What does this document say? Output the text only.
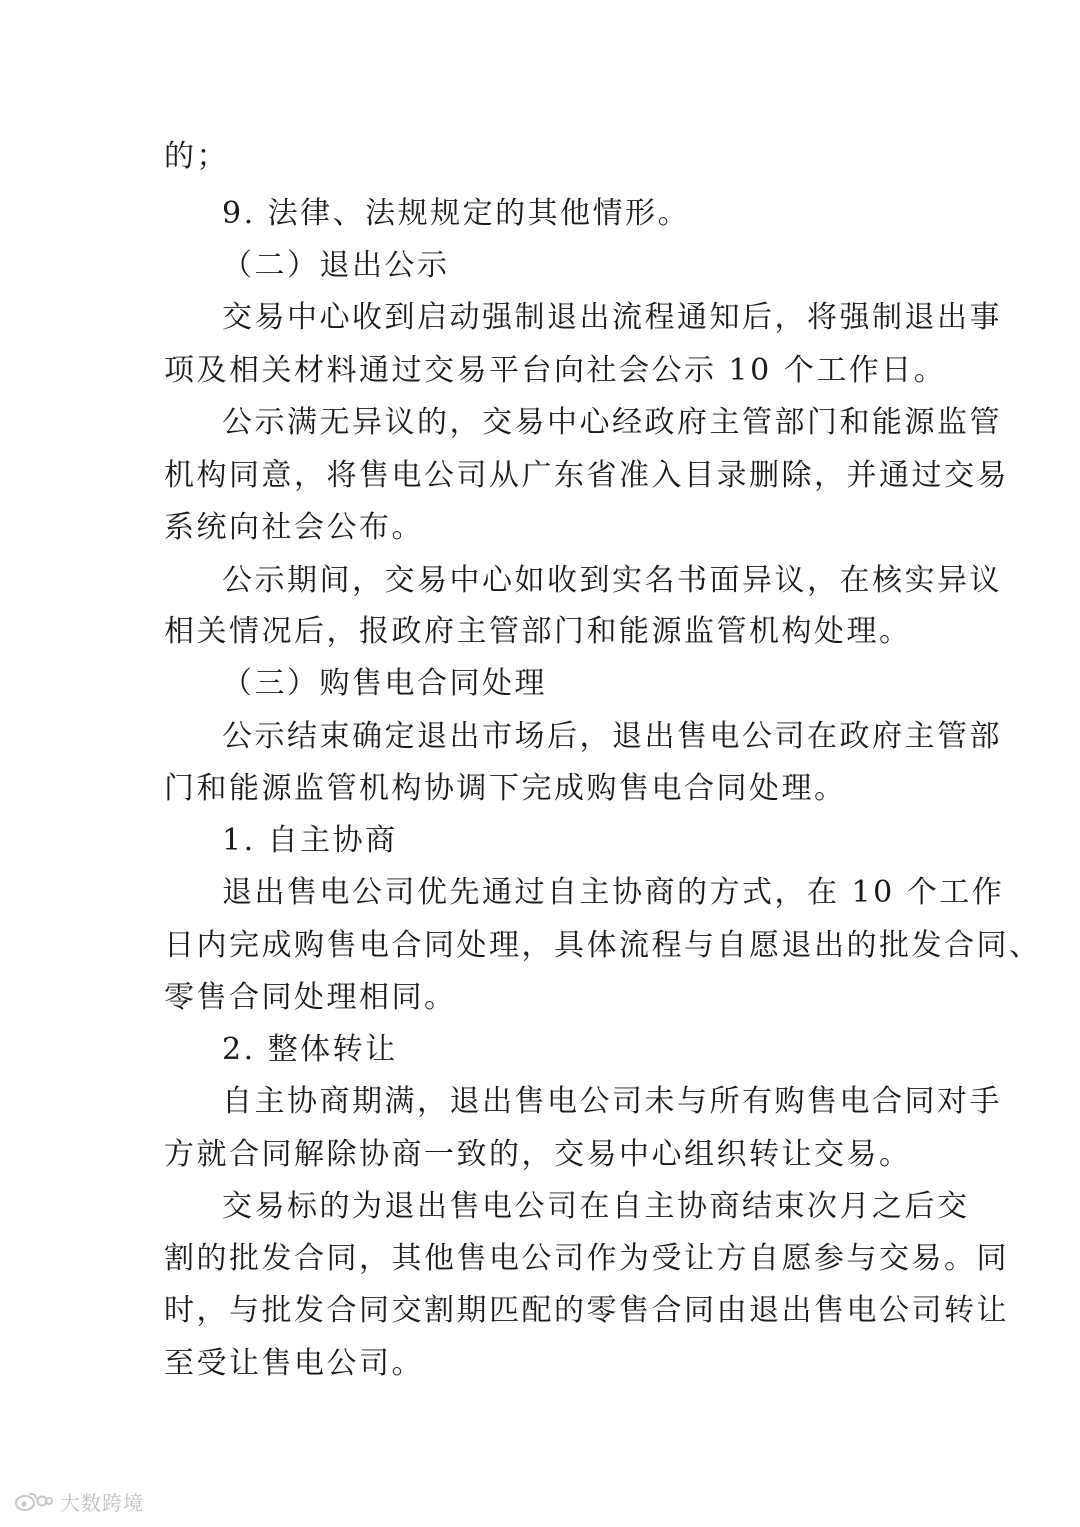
的；
9. 法律、法规规定的其他情形。
（二）退出公示
交易中心收到启动强制退出流程通知后，将强制退出事
项及相关材料通过交易平台向社会公示 10 个工作日。
公示满无异议的，交易中心经政府主管部门和能源监管
机构同意，将售电公司从广东省准入目录删除，并通过交易
系统向社会公布。
公示期间，交易中心如收到实名书面异议，在核实异议
相关情况后，报政府主管部门和能源监管机构处理。
（三）购售电合同处理
公示结束确定退出市场后，退出售电公司在政府主管部
门和能源监管机构协调下完成购售电合同处理。
1. 自主协商
退出售电公司优先通过自主协商的方式，在 10 个工作
日内完成购售电合同处理，具体流程与自愿退出的批发合同、
零售合同处理相同。
2. 整体转让
自主协商期满，退出售电公司未与所有购售电合同对手
方就合同解除协商一致的，交易中心组织转让交易。
交易标的为退出售电公司在自主协商结束次月之后交
割的批发合同，其他售电公司作为受让方自愿参与交易。同
时，与批发合同交割期匹配的零售合同由退出售电公司转让
至受让售电公司。
大数跨境
